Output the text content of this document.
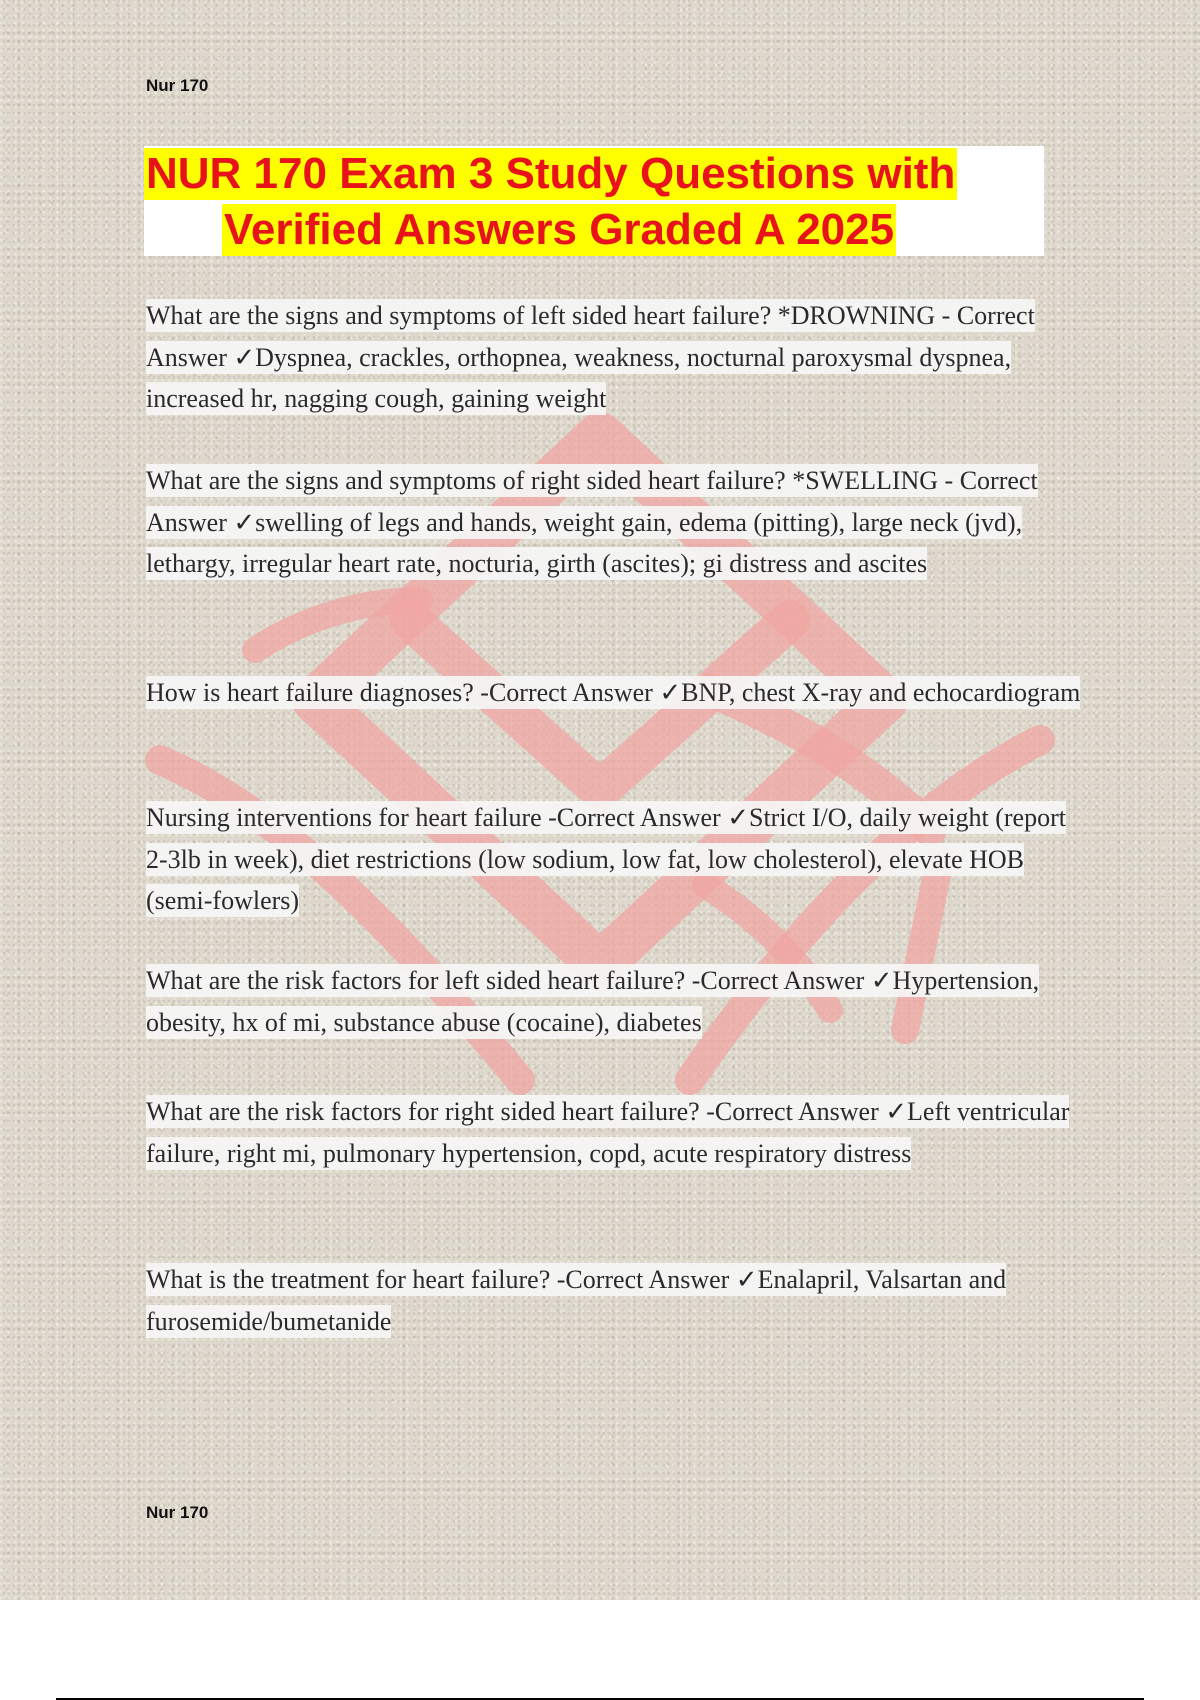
Nur 170
NUR 170 Exam 3 Study Questions with
Verified Answers Graded A 2025
What are the signs and symptoms of left sided heart failure? *DROWNING - Correct Answer ✓Dyspnea, crackles, orthopnea, weakness, nocturnal paroxysmal dyspnea, increased hr, nagging cough, gaining weight
What are the signs and symptoms of right sided heart failure? *SWELLING - Correct Answer ✓swelling of legs and hands, weight gain, edema (pitting), large neck (jvd), lethargy, irregular heart rate, nocturia, girth (ascites); gi distress and ascites
How is heart failure diagnoses? -Correct Answer ✓BNP, chest X-ray and echocardiogram
Nursing interventions for heart failure -Correct Answer ✓Strict I/O, daily weight (report 2-3lb in week), diet restrictions (low sodium, low fat, low cholesterol), elevate HOB (semi-fowlers)
What are the risk factors for left sided heart failure? -Correct Answer ✓Hypertension, obesity, hx of mi, substance abuse (cocaine), diabetes
What are the risk factors for right sided heart failure? -Correct Answer ✓Left ventricular failure, right mi, pulmonary hypertension, copd, acute respiratory distress
What is the treatment for heart failure? -Correct Answer ✓Enalapril, Valsartan and furosemide/bumetanide
Nur 170
